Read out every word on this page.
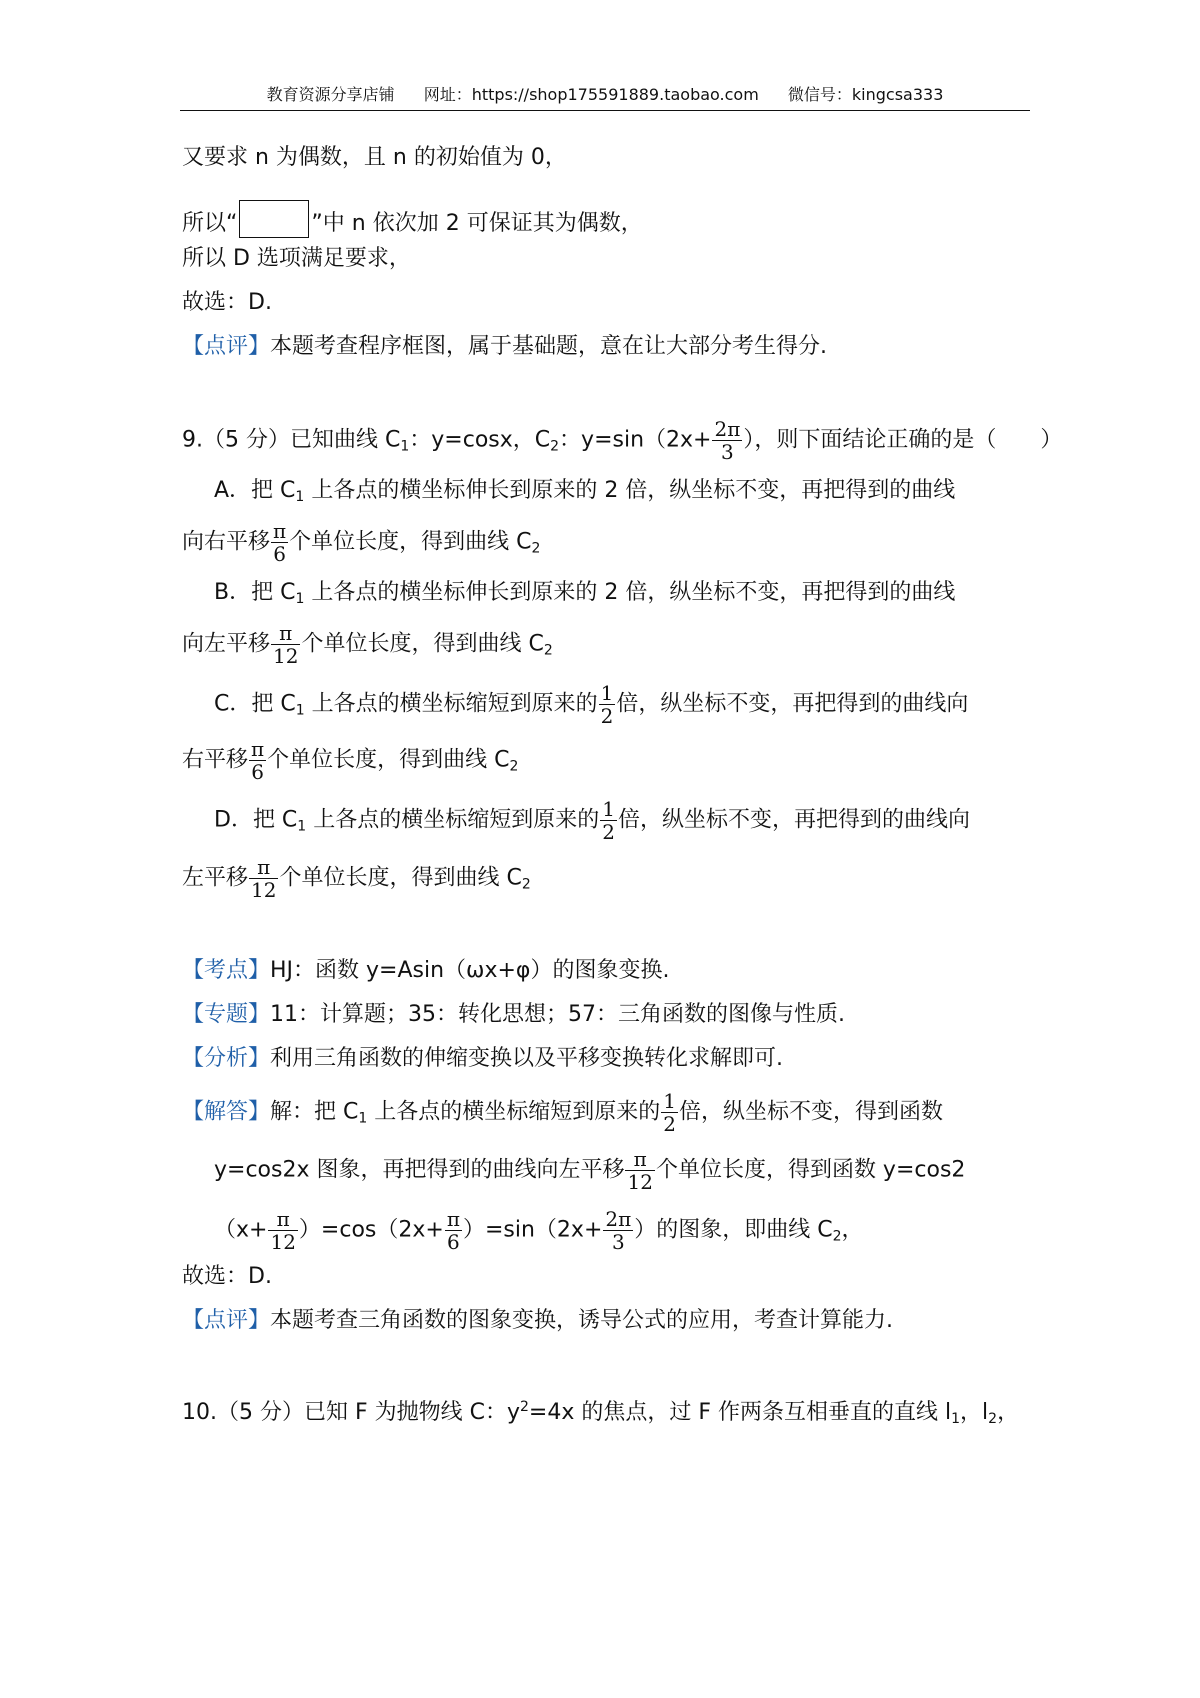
教育资源分享店铺 网址：https://shop175591889.taobao.com 微信号：kingcsa333
又要求 n 为偶数，且 n 的初始值为 0，
所以“	”中 n 依次加 2 可保证其为偶数，
所以 D 选项满足要求，
故选：D.
【点评】本题考查程序框图，属于基础题，意在让大部分考生得分.
9.（5 分）已知曲线 $C_1$：y=cosx，$C_2$：$y=\sin(2x+ \frac{2\pi}{3}$ ），则下面结论正确的是（　　）
A．把 $C_1$ 上各点的横坐标伸长到原来的 2 倍，纵坐标不变，再把得到的曲线
向右平移 $\frac{\pi}{6}$ 个单位长度，得到曲线 $C_2$
B．把 $C_1$ 上各点的横坐标伸长到原来的 2 倍，纵坐标不变，再把得到的曲线
向左平移 $\frac{\pi}{12}$ 个单位长度，得到曲线 $C_2$
C．把 $C_1$ 上各点的横坐标缩短到原来的 $\frac{1}{2}$ 倍，纵坐标不变，再把得到的曲线向
右平移 $\frac{\pi}{6}$ 个单位长度，得到曲线 $C_2$
D．把 $C_1$ 上各点的横坐标缩短到原来的 $\frac{1}{2}$ 倍，纵坐标不变，再把得到的曲线向
左平移 $\frac{\pi}{12}$ 个单位长度，得到曲线 $C_2$
【考点】HJ：函数 y=Asin（ωx+φ）的图象变换.
【专题】11：计算题；35：转化思想；57：三角函数的图像与性质.
【分析】利用三角函数的伸缩变换以及平移变换转化求解即可.
【解答】解：把 $C_1$ 上各点的横坐标缩短到原来的 $\frac{1}{2}$ 倍，纵坐标不变，得到函数
y=cos2x 图象，再把得到的曲线向左平移 $\frac{\pi}{12}$ 个单位长度，得到函数 y=cos2
$(x+ \frac{\pi}{12} )=\cos(2x+ \frac{\pi}{6} )=\sin(2x+ \frac{2\pi}{3}$ ）的图象，即曲线 $C_2$，
故选：D.
【点评】本题考查三角函数的图象变换，诱导公式的应用，考查计算能力.
10.（5 分）已知 F 为抛物线 C：$y^2=4x$ 的焦点，过 F 作两条互相垂直的直线 $l_1$，$l_2$，
